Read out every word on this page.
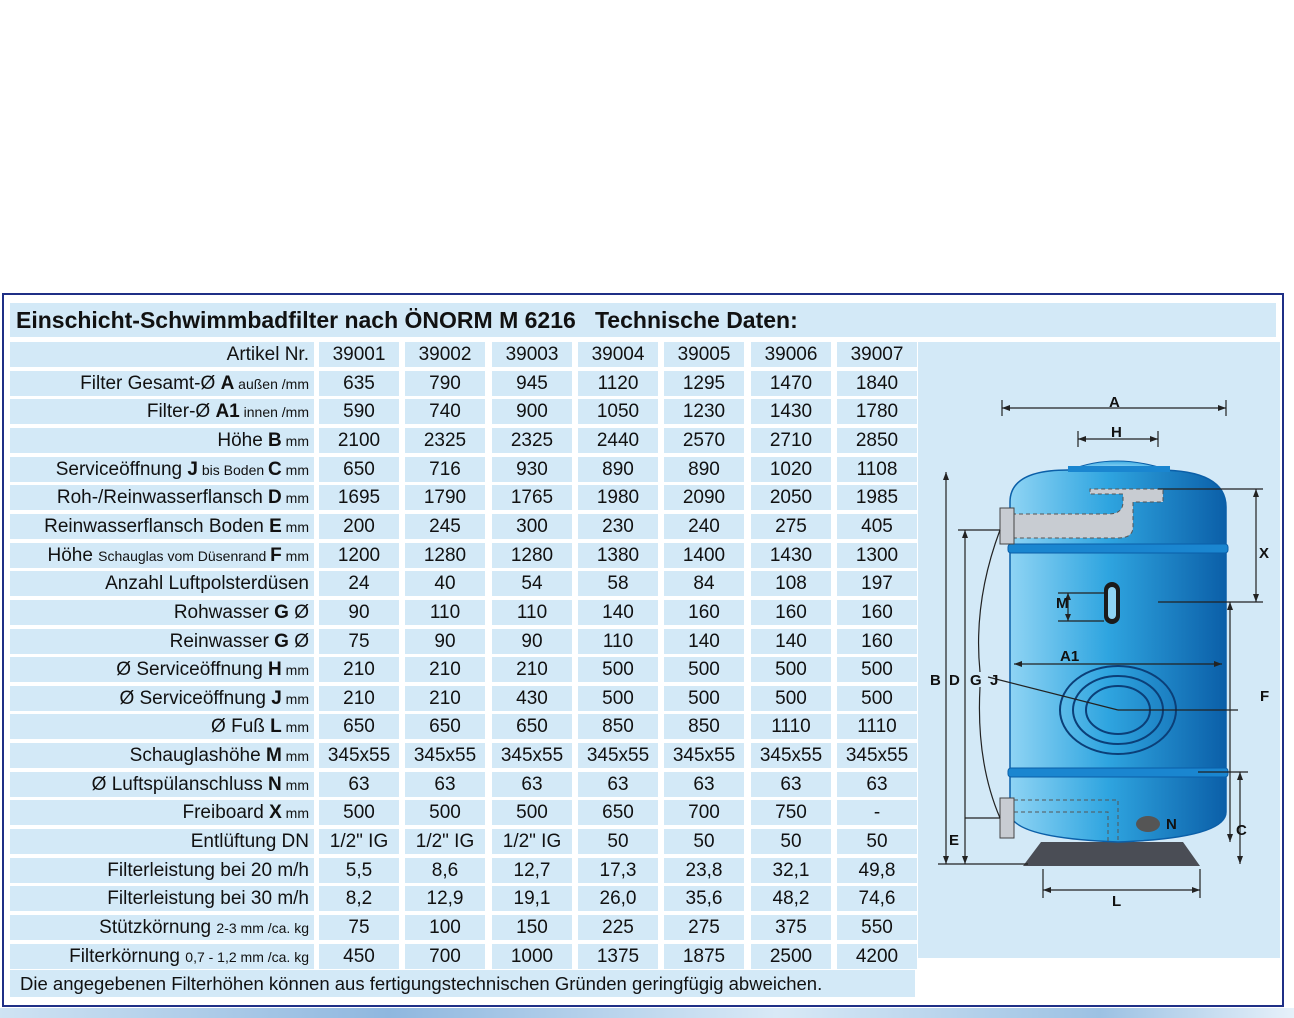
Einschicht-Schwimmbadfilter nach ÖNORM M 6216 Technische Daten:
Artikel Nr.	39001	39002	39003	39004	39005	39006	39007
Filter Gesamt-Ø A außen /mm	635	790	945	1120	1295	1470	1840
Filter-Ø A1 innen /mm	590	740	900	1050	1230	1430	1780
Höhe B mm	2100	2325	2325	2440	2570	2710	2850
Serviceöffnung J bis Boden C mm	650	716	930	890	890	1020	1108
Roh-/Reinwasserflansch D mm	1695	1790	1765	1980	2090	2050	1985
Reinwasserflansch Boden E mm	200	245	300	230	240	275	405
Höhe Schauglas vom Düsenrand F mm	1200	1280	1280	1380	1400	1430	1300
Anzahl Luftpolsterdüsen	24	40	54	58	84	108	197
Rohwasser G Ø	90	110	110	140	160	160	160
Reinwasser G Ø	75	90	90	110	140	140	160
Ø Serviceöffnung H mm	210	210	210	500	500	500	500
Ø Serviceöffnung J mm	210	210	430	500	500	500	500
Ø Fuß L mm	650	650	650	850	850	1110	1110
Schauglashöhe M mm 345x55	345x55	345x55	345x55	345x55	345x55	345x55
Ø Luftspülanschluss N mm	63	63	63	63	63	63	63
Freiboard X mm	500	500	500	650	700	750	-
Entlüftung DN	1/2" IG	1/2" IG	1/2" IG	50	50	50	50
Filterleistung bei 20 m/h	5,5	8,6	12,7	17,3	23,8	32,1	49,8
Filterleistung bei 30 m/h	8,2	12,9	19,1	26,0	35,6	48,2	74,6
Stützkörnung 2-3 mm /ca. kg	75	100	150	225	275	375	550
Filterkörnung 0,7 - 1,2 mm /ca. kg	450	700	1000	1375	1875	2500	4200
Die angegebenen Filterhöhen können aus fertigungstechnischen Gründen geringfügig abweichen.
A
H
X
M
A1
F
B D G J
E
N	C
L
